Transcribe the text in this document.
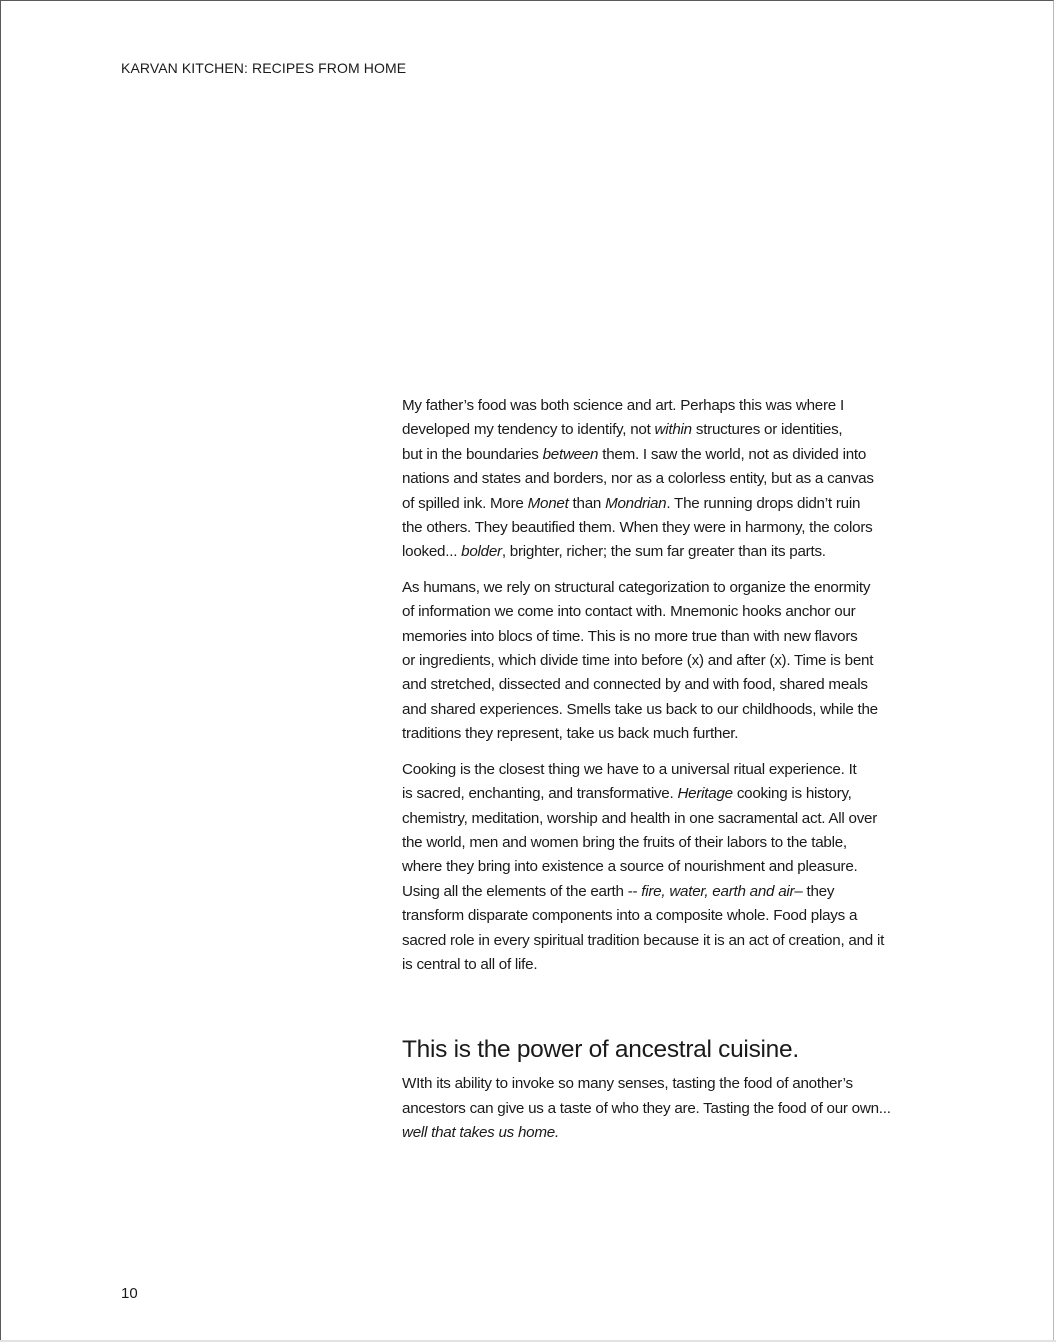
KARVAN KITCHEN: RECIPES FROM HOME

My father’s food was both science and art. Perhaps this was where I
developed my tendency to identify, not within structures or identities,
but in the boundaries between them. I saw the world, not as divided into
nations and states and borders, nor as a colorless entity, but as a canvas
of spilled ink. More Monet than Mondrian. The running drops didn’t ruin
the others. They beautified them. When they were in harmony, the colors
looked... bolder, brighter, richer; the sum far greater than its parts.

As humans, we rely on structural categorization to organize the enormity
of information we come into contact with. Mnemonic hooks anchor our
memories into blocs of time. This is no more true than with new flavors
or ingredients, which divide time into before (x) and after (x). Time is bent
and stretched, dissected and connected by and with food, shared meals
and shared experiences. Smells take us back to our childhoods, while the
traditions they represent, take us back much further.

Cooking is the closest thing we have to a universal ritual experience. It
is sacred, enchanting, and transformative. Heritage cooking is history,
chemistry, meditation, worship and health in one sacramental act. All over
the world, men and women bring the fruits of their labors to the table,
where they bring into existence a source of nourishment and pleasure.
Using all the elements of the earth -- fire, water, earth and air– they
transform disparate components into a composite whole. Food plays a
sacred role in every spiritual tradition because it is an act of creation, and it
is central to all of life.

This is the power of ancestral cuisine.

WIth its ability to invoke so many senses, tasting the food of another’s
ancestors can give us a taste of who they are. Tasting the food of our own...
well that takes us home.

10
